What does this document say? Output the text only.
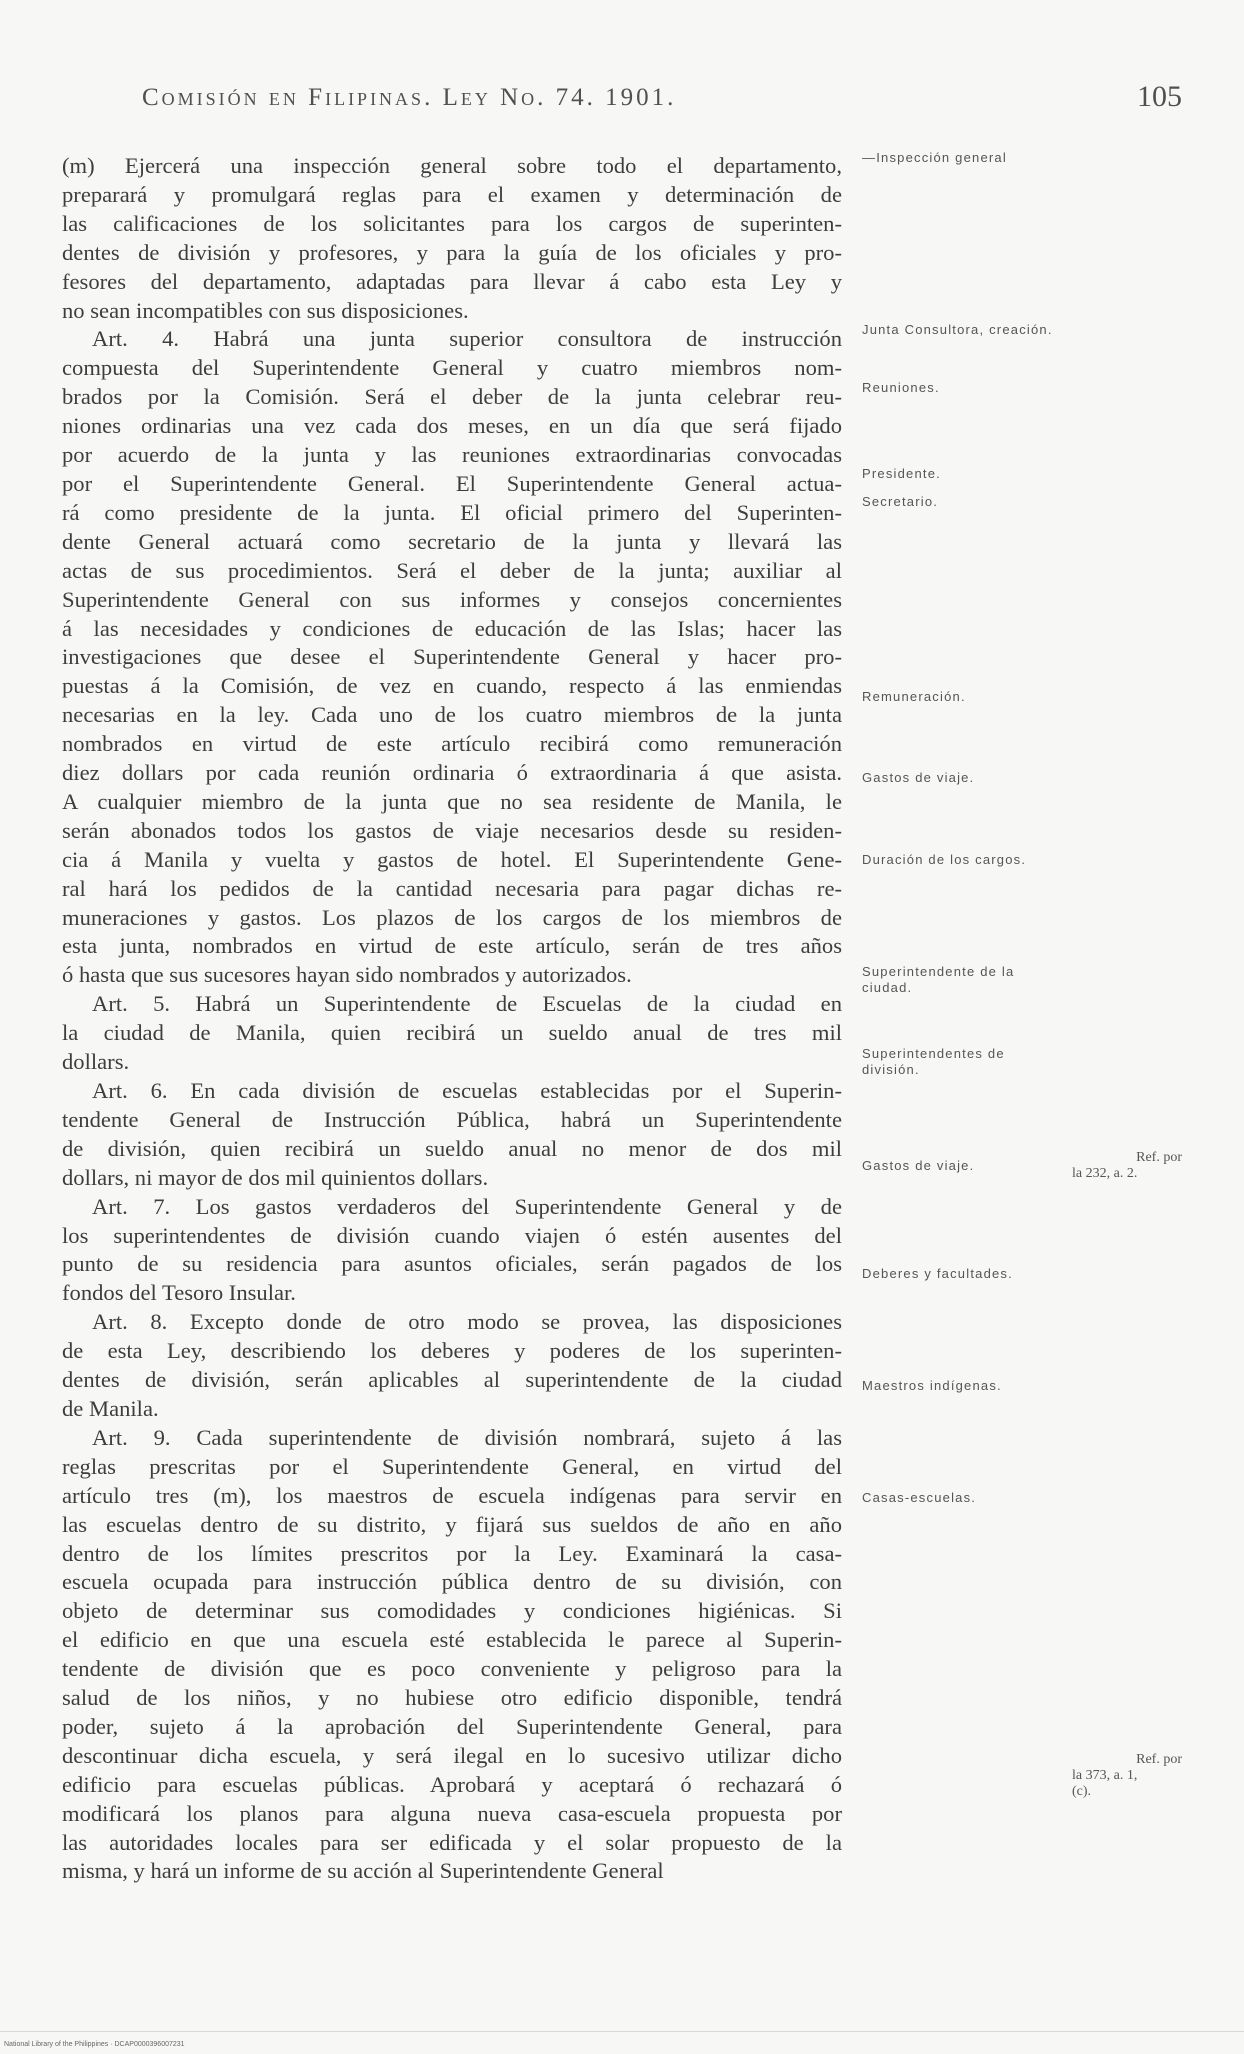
Comisión en Filipinas. Ley No. 74. 1901.	105
(m) Ejercerá una inspección general sobre todo el departamento,
preparará y promulgará reglas para el examen y determinación de
las calificaciones de los solicitantes para los cargos de superinten-
dentes de división y profesores, y para la guía de los oficiales y pro-
fesores del departamento, adaptadas para llevar á cabo esta Ley y
no sean incompatibles con sus disposiciones.
Art. 4. Habrá una junta superior consultora de instrucción
compuesta del Superintendente General y cuatro miembros nom-
brados por la Comisión. Será el deber de la junta celebrar reu-
niones ordinarias una vez cada dos meses, en un día que será fijado
por acuerdo de la junta y las reuniones extraordinarias convocadas
por el Superintendente General. El Superintendente General actua-
rá como presidente de la junta. El oficial primero del Superinten-
dente General actuará como secretario de la junta y llevará las
actas de sus procedimientos. Será el deber de la junta; auxiliar al
Superintendente General con sus informes y consejos concernientes
á las necesidades y condiciones de educación de las Islas; hacer las
investigaciones que desee el Superintendente General y hacer pro-
puestas á la Comisión, de vez en cuando, respecto á las enmiendas
necesarias en la ley. Cada uno de los cuatro miembros de la junta
nombrados en virtud de este artículo recibirá como remuneración
diez dollars por cada reunión ordinaria ó extraordinaria á que asista.
A cualquier miembro de la junta que no sea residente de Manila, le
serán abonados todos los gastos de viaje necesarios desde su residen-
cia á Manila y vuelta y gastos de hotel. El Superintendente Gene-
ral hará los pedidos de la cantidad necesaria para pagar dichas re-
muneraciones y gastos. Los plazos de los cargos de los miembros de
esta junta, nombrados en virtud de este artículo, serán de tres años
ó hasta que sus sucesores hayan sido nombrados y autorizados.
Art. 5. Habrá un Superintendente de Escuelas de la ciudad en
la ciudad de Manila, quien recibirá un sueldo anual de tres mil
dollars.
Art. 6. En cada división de escuelas establecidas por el Superin-
tendente General de Instrucción Pública, habrá un Superintendente
de división, quien recibirá un sueldo anual no menor de dos mil
dollars, ni mayor de dos mil quinientos dollars.
Art. 7. Los gastos verdaderos del Superintendente General y de
los superintendentes de división cuando viajen ó estén ausentes del
punto de su residencia para asuntos oficiales, serán pagados de los
fondos del Tesoro Insular.
Art. 8. Excepto donde de otro modo se provea, las disposiciones
de esta Ley, describiendo los deberes y poderes de los superinten-
dentes de división, serán aplicables al superintendente de la ciudad
de Manila.
Art. 9. Cada superintendente de división nombrará, sujeto á las
reglas prescritas por el Superintendente General, en virtud del
artículo tres (m), los maestros de escuela indígenas para servir en
las escuelas dentro de su distrito, y fijará sus sueldos de año en año
dentro de los límites prescritos por la Ley. Examinará la casa-
escuela ocupada para instrucción pública dentro de su división, con
objeto de determinar sus comodidades y condiciones higiénicas. Si
el edificio en que una escuela esté establecida le parece al Superin-
tendente de división que es poco conveniente y peligroso para la
salud de los niños, y no hubiese otro edificio disponible, tendrá
poder, sujeto á la aprobación del Superintendente General, para
descontinuar dicha escuela, y será ilegal en lo sucesivo utilizar dicho
edificio para escuelas públicas. Aprobará y aceptará ó rechazará ó
modificará los planos para alguna nueva casa-escuela propuesta por
las autoridades locales para ser edificada y el solar propuesto de la
misma, y hará un informe de su acción al Superintendente General
—Inspección general
Junta Consultora, creación.
Reuniones.
Presidente.
Secretario.
Remuneración.
Gastos de viaje.
Duración de los cargos.
Superintendente de la ciudad.
Superintendentes de división.
Gastos de viaje.
Deberes y facultades.
Maestros indígenas.
Casas-escuelas.
Ref. por
la 232, a. 2.
Ref. por
la 373, a. 1,
(c).
National Library of the Philippines · DCAP0000396007231
